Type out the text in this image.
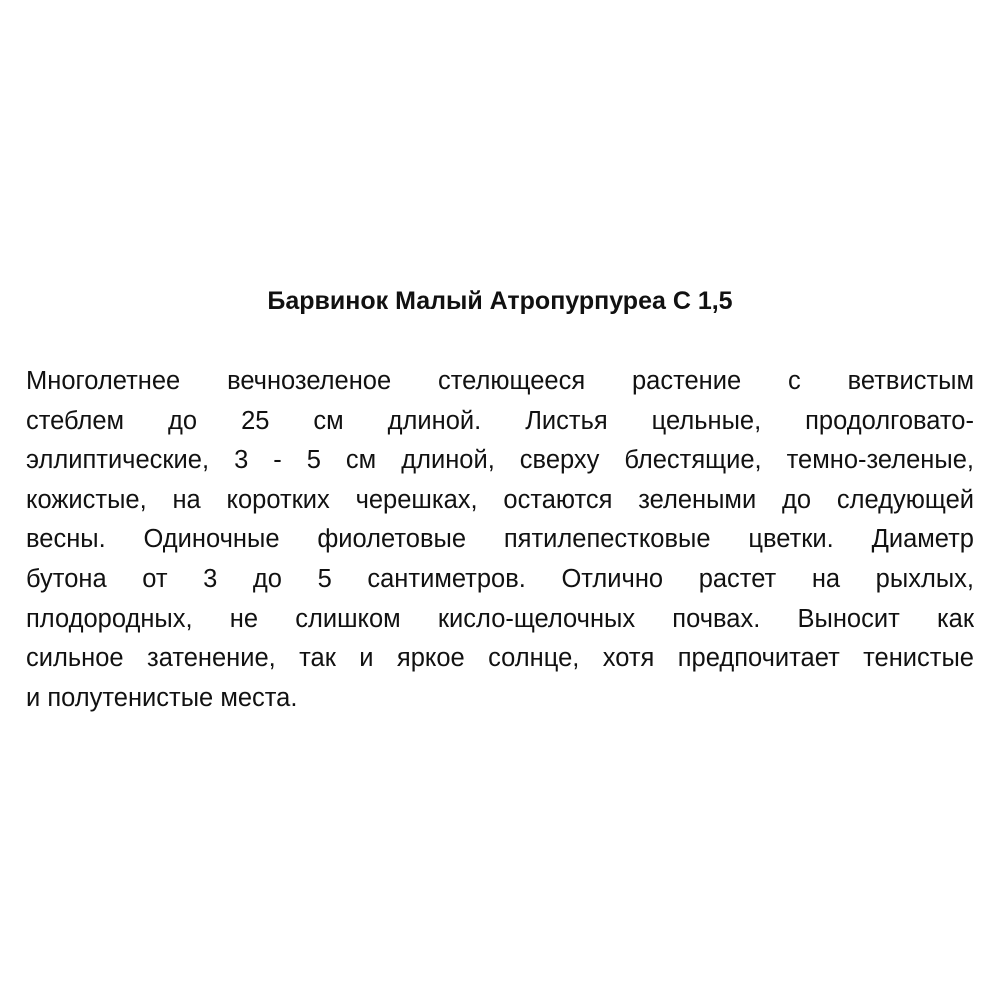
Барвинок Малый Атропурпуреа С 1,5
Многолетнее вечнозеленое стелющееся растение с ветвистым
стеблем до 25 см длиной. Листья цельные, продолговато-
эллиптические, 3 - 5 см длиной, сверху блестящие, темно-зеленые,
кожистые, на коротких черешках, остаются зелеными до следующей
весны. Одиночные фиолетовые пятилепестковые цветки. Диаметр
бутона от 3 до 5 сантиметров. Отлично растет на рыхлых,
плодородных, не слишком кисло-щелочных почвах. Выносит как
сильное затенение, так и яркое солнце, хотя предпочитает тенистые
и полутенистые места.
